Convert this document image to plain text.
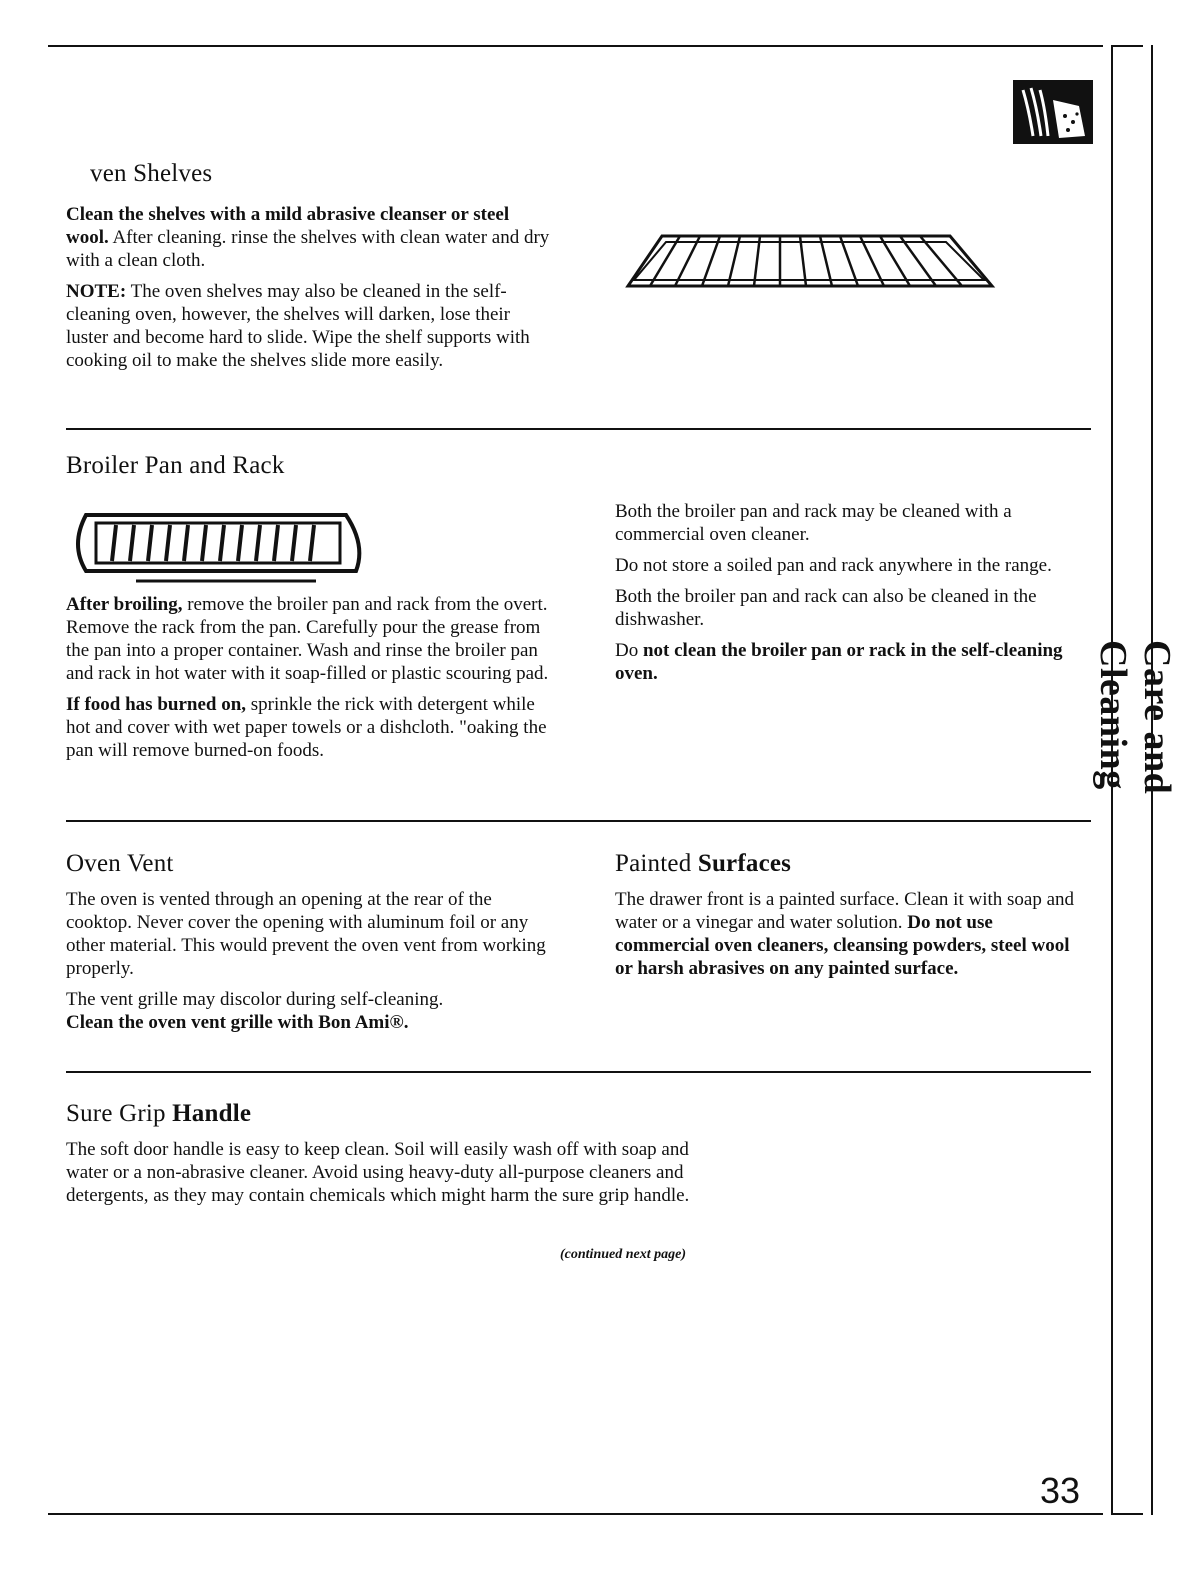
ven Shelves

Clean the shelves with a mild abrasive cleanser or steel wool. After cleaning. rinse the shelves with clean water and dry with a clean cloth.

NOTE: The oven shelves may also be cleaned in the self-cleaning oven, however, the shelves will darken, lose their luster and become hard to slide. Wipe the shelf supports with cooking oil to make the shelves slide more easily.

Broiler Pan and Rack

After broiling, remove the broiler pan and rack from the overt. Remove the rack from the pan. Carefully pour the grease from the pan into a proper container. Wash and rinse the broiler pan and rack in hot water with it soap-filled or plastic scouring pad.

If food has burned on, sprinkle the rick with detergent while hot and cover with wet paper towels or a dishcloth. "oaking the pan will remove burned-on foods.

Both the broiler pan and rack may be cleaned with a commercial oven cleaner.

Do not store a soiled pan and rack anywhere in the range.

Both the broiler pan and rack can also be cleaned in the dishwasher.

Do not clean the broiler pan or rack in the self-cleaning oven.

Oven Vent

The oven is vented through an opening at the rear of the cooktop. Never cover the opening with aluminum foil or any other material. This would prevent the oven vent from working properly.

The vent grille may discolor during self-cleaning.

Clean the oven vent grille with Bon Ami®.

Painted Surfaces

The drawer front is a painted surface. Clean it with soap and water or a vinegar and water solution. Do not use commercial oven cleaners, cleansing powders, steel wool or harsh abrasives on any painted surface.

Sure Grip Handle

The soft door handle is easy to keep clean. Soil will easily wash off with soap and water or a non-abrasive cleaner. Avoid using heavy-duty all-purpose cleaners and detergents, as they may contain chemicals which might harm the sure grip handle.

(continued next page)
Care and Cleaning
33
